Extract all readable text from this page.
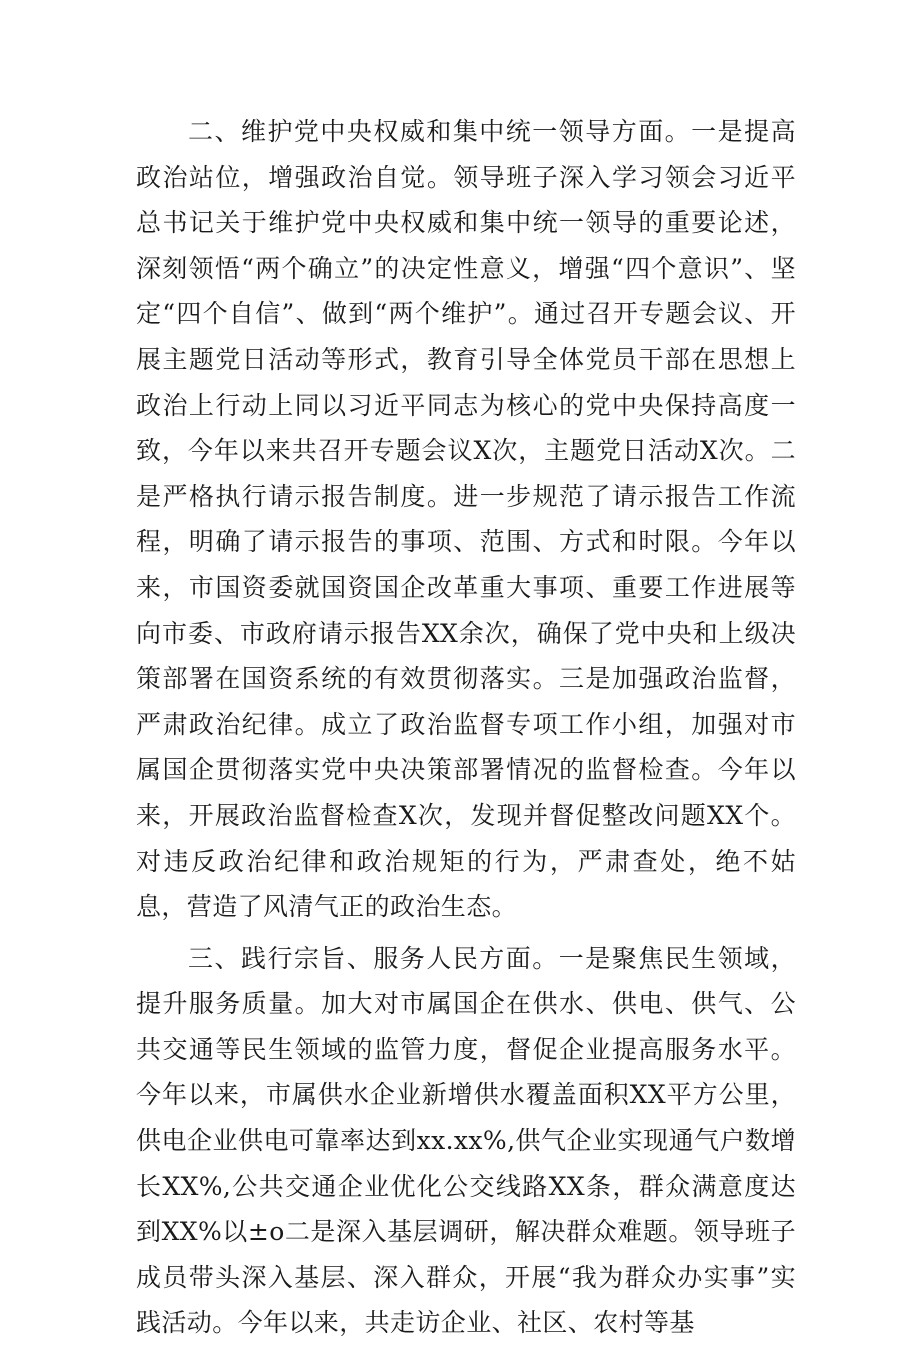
二、维护党中央权威和集中统一领导方面。一是提高政治站位，增强政治自觉。领导班子深入学习领会习近平总书记关于维护党中央权威和集中统一领导的重要论述，深刻领悟“两个确立”的决定性意义，增强“四个意识”、坚定“四个自信”、做到“两个维护”。通过召开专题会议、开展主题党日活动等形式，教育引导全体党员干部在思想上政治上行动上同以习近平同志为核心的党中央保持高度一致，今年以来共召开专题会议X次，主题党日活动X次。二是严格执行请示报告制度。进一步规范了请示报告工作流程，明确了请示报告的事项、范围、方式和时限。今年以来，市国资委就国资国企改革重大事项、重要工作进展等向市委、市政府请示报告XX余次，确保了党中央和上级决策部署在国资系统的有效贯彻落实。三是加强政治监督，严肃政治纪律。成立了政治监督专项工作小组，加强对市属国企贯彻落实党中央决策部署情况的监督检查。今年以来，开展政治监督检查X次，发现并督促整改问题XX个。对违反政治纪律和政治规矩的行为，严肃查处，绝不姑息，营造了风清气正的政治生态。

三、践行宗旨、服务人民方面。一是聚焦民生领域，提升服务质量。加大对市属国企在供水、供电、供气、公共交通等民生领域的监管力度，督促企业提高服务水平。今年以来，市属供水企业新增供水覆盖面积XX平方公里，供电企业供电可靠率达到xx.xx%,供气企业实现通气户数增长XX%,公共交通企业优化公交线路XX条，群众满意度达到XX%以±o二是深入基层调研，解决群众难题。领导班子成员带头深入基层、深入群众，开展“我为群众办实事”实践活动。今年以来，共走访企业、社区、农村等基
